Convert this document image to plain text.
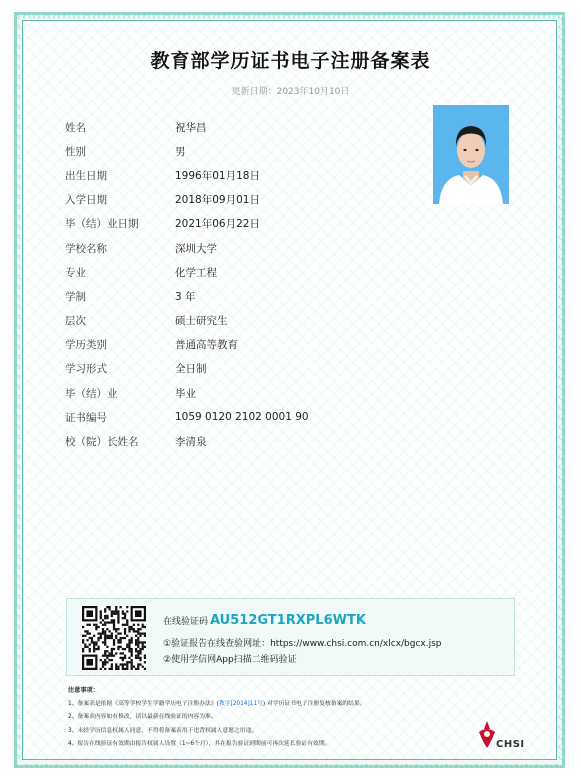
教育部学历证书电子注册备案表
更新日期：2023年10月10日
姓名	祝华昌
性别	男
出生日期	1996年01月18日
入学日期	2018年09月01日
毕（结）业日期	2021年06月22日
学校名称	深圳大学
专业	化学工程
学制	3 年
层次	硕士研究生
学历类别	普通高等教育
学习形式	全日制
毕（结）业	毕业
证书编号	1059 0120 2102 0001 90
校（院）长姓名	李清泉
在线验证码 AU512GT1RXPL6WTK
①验证报告在线查验网址：https://www.chsi.com.cn/xlcx/bgcx.jsp
②使用学信网App扫描二维码验证
注意事项：
1、备案表是依据《高等学校学生学籍学历电子注册办法》(教学[2014]11号) 对学历证书电子注册复核备案的结果。
2、备案表内容如有修改，请以最新在线验证的内容为准。
3、未经学历信息权属人同意，不得将备案表用于违背权属人意愿之用途。
4、报告在线验证有效期由报告权属人设置（1~6个月），其在报告验证到期前可再次延长验证有效期。	CHSI
